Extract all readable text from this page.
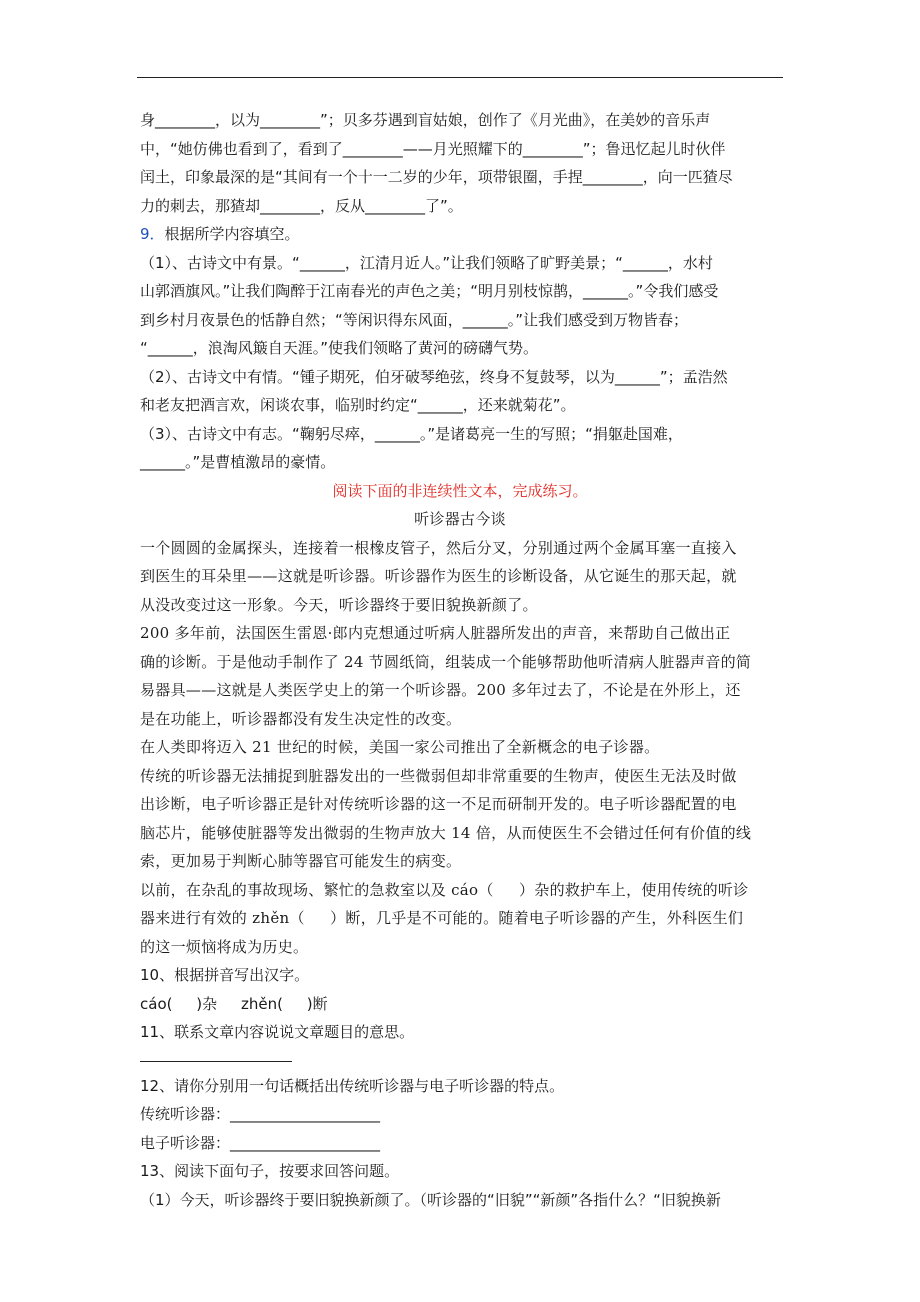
身________，以为________”；贝多芬遇到盲姑娘，创作了《月光曲》，在美妙的音乐声

中，“她仿佛也看到了，看到了________——月光照耀下的________”；鲁迅忆起儿时伙伴

闰土，印象最深的是“其间有一个十一二岁的少年，项带银圈，手捏________，向一匹猹尽

力的刺去，那猹却________，反从________了”。

9．根据所学内容填空。

（1）、古诗文中有景。“______，江清月近人。”让我们领略了旷野美景；“______，水村

山郭酒旗风。”让我们陶醉于江南春光的声色之美；“明月别枝惊鹊，______。”令我们感受

到乡村月夜景色的恬静自然；“等闲识得东风面，______。”让我们感受到万物皆春；

“______，浪淘风簸自天涯。”使我们领略了黄河的磅礴气势。

（2）、古诗文中有情。“锺子期死，伯牙破琴绝弦，终身不复鼓琴，以为______”；孟浩然

和老友把酒言欢，闲谈农事，临别时约定“______，还来就菊花”。

（3）、古诗文中有志。“鞠躬尽瘁，______。”是诸葛亮一生的写照；“捐躯赴国难，

______。”是曹植激昂的豪情。

阅读下面的非连续性文本，完成练习。

听诊器古今谈

一个圆圆的金属探头，连接着一根橡皮管子，然后分叉，分别通过两个金属耳塞一直接入

到医生的耳朵里——这就是听诊器。听诊器作为医生的诊断设备，从它诞生的那天起，就

从没改变过这一形象。今天，听诊器终于要旧貌换新颜了。

200 多年前，法国医生雷恩·郎内克想通过听病人脏器所发出的声音，来帮助自己做出正

确的诊断。于是他动手制作了 24 节圆纸筒，组装成一个能够帮助他听清病人脏器声音的简

易器具——这就是人类医学史上的第一个听诊器。200 多年过去了，不论是在外形上，还

是在功能上，听诊器都没有发生决定性的改变。

在人类即将迈入 21 世纪的时候，美国一家公司推出了全新概念的电子诊器。

传统的听诊器无法捕捉到脏器发出的一些微弱但却非常重要的生物声，使医生无法及时做

出诊断，电子听诊器正是针对传统听诊器的这一不足而研制开发的。电子听诊器配置的电

脑芯片，能够使脏器等发出微弱的生物声放大 14 倍，从而使医生不会错过任何有价值的线

索，更加易于判断心肺等器官可能发生的病变。

以前，在杂乱的事故现场、繁忙的急救室以及 cáo（     ）杂的救护车上，使用传统的听诊

器来进行有效的 zhěn（     ）断，几乎是不可能的。随着电子听诊器的产生，外科医生们

的这一烦恼将成为历史。

10、根据拼音写出汉字。

cáo(     )杂     zhěn(     )断

11、联系文章内容说说文章题目的意思。

12、请你分别用一句话概括出传统听诊器与电子听诊器的特点。

传统听诊器：____________________

电子听诊器：____________________

13、阅读下面句子，按要求回答问题。

（1）今天，听诊器终于要旧貌换新颜了。（听诊器的“旧貌”“新颜”各指什么？“旧貌换新
